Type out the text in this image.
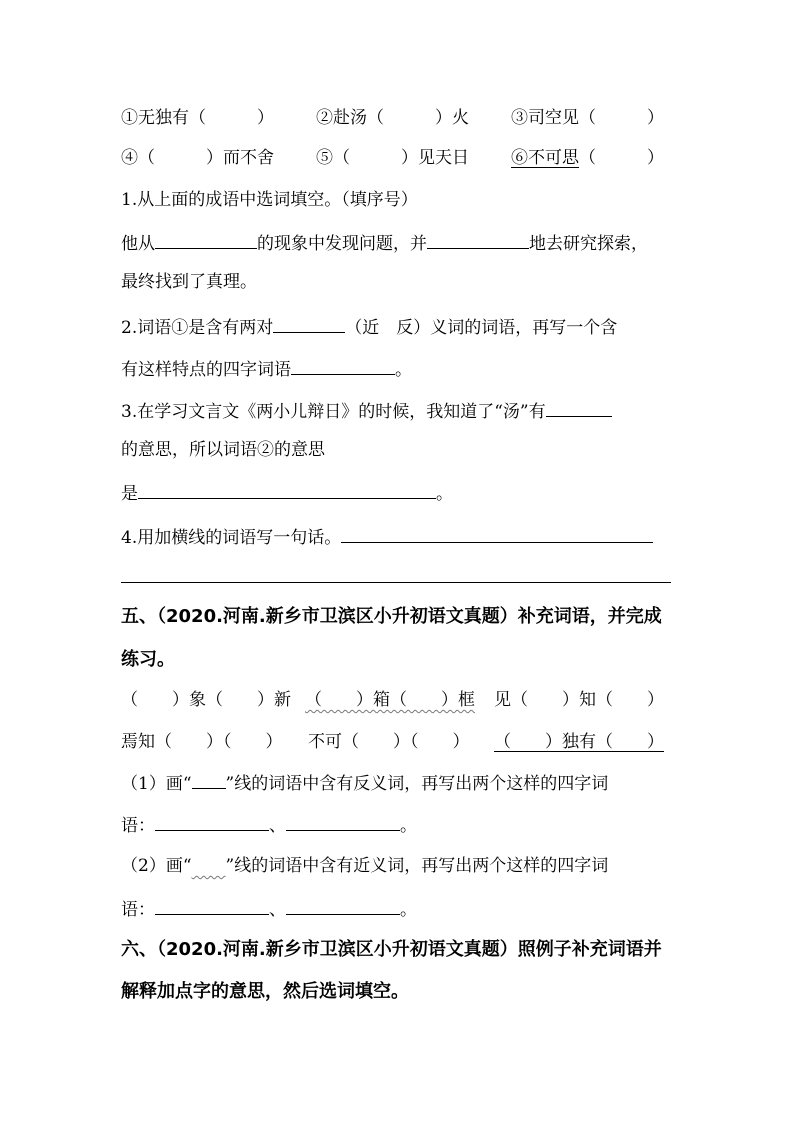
①无独有（　　　） ②赴汤（　　　）火 ③司空见（　　　）
④（　　　）而不舍 ⑤（　　　）见天日 ⑥不可思（　　　）
1.从上面的成语中选词填空。（填序号）
他从	的现象中发现问题，并	地去研究探索，
最终找到了真理。
2.词语①是含有两对	（近　反）义词的词语，再写一个含
有这样特点的四字词语	。
3.在学习文言文《两小儿辩日》的时候，我知道了“汤”有
的意思，所以词语②的意思
是	。
4.用加横线的词语写一句话。
五、（2020.河南.新乡市卫滨区小升初语文真题）补充词语，并完成
练习。
（　　）象（　　）新 （　　）箱（　　）框 见（　　）知（　　）
焉知（　　）（　　） 不可（　　）（　　） （　　）独有（　　）
（1）画“ ”线的词语中含有反义词，再写出两个这样的四字词
语：	、	。
（2）画“​　　”线的词语中含有近义词，再写出两个这样的四字词
语：	、	。
六、（2020.河南.新乡市卫滨区小升初语文真题）照例子补充词语并
解释加点字的意思，然后选词填空。
